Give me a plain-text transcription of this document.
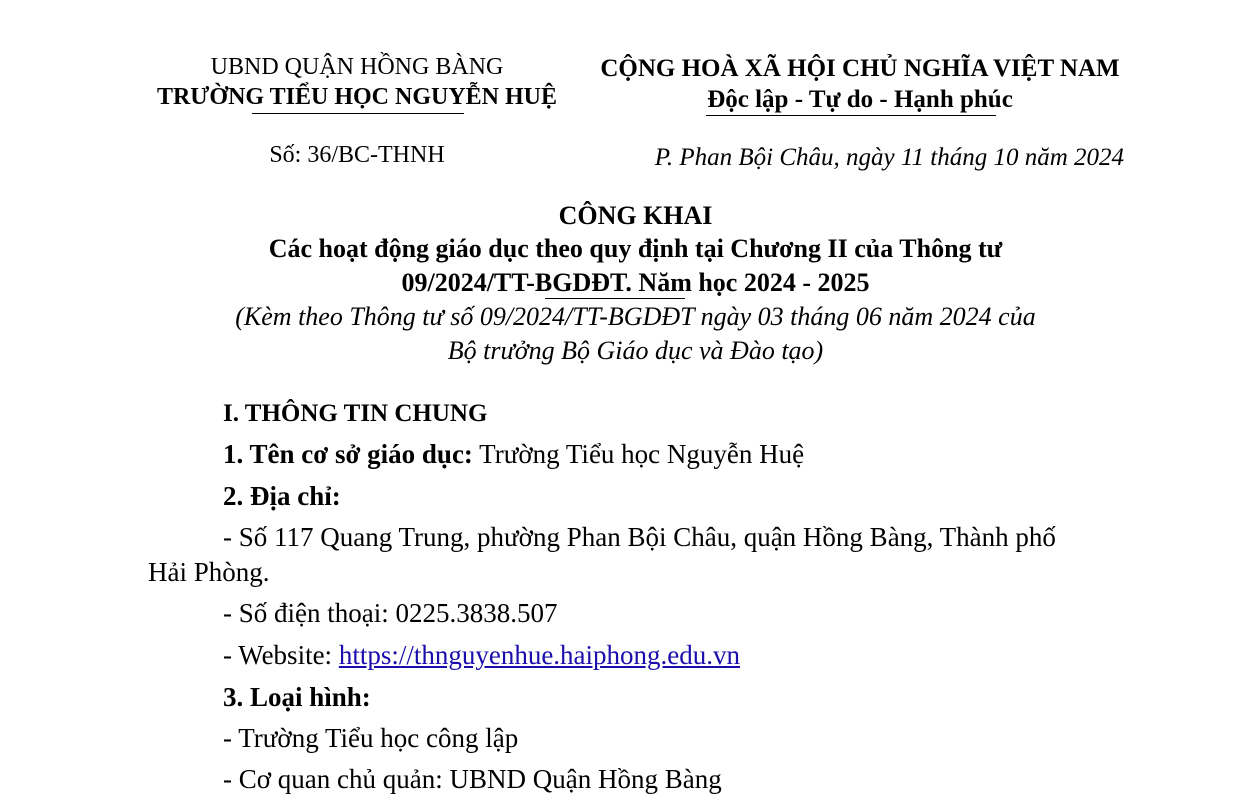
UBND QUẬN HỒNG BÀNG
TRƯỜNG TIỂU HỌC NGUYỄN HUỆ
Số: 36/BC-THNH
CỘNG HOÀ XÃ HỘI CHỦ NGHĨA VIỆT NAM
Độc lập - Tự do - Hạnh phúc
P. Phan Bội Châu, ngày 11 tháng 10 năm 2024
CÔNG KHAI
Các hoạt động giáo dục theo quy định tại Chương II của Thông tư
09/2024/TT-BGDĐT. Năm học 2024 - 2025
(Kèm theo Thông tư số 09/2024/TT-BGDĐT ngày 03 tháng 06 năm 2024 của
Bộ trưởng Bộ Giáo dục và Đào tạo)
I. THÔNG TIN CHUNG
1. Tên cơ sở giáo dục: Trường Tiểu học Nguyễn Huệ
2. Địa chỉ:
- Số 117 Quang Trung, phường Phan Bội Châu, quận Hồng Bàng, Thành phố
Hải Phòng.
- Số điện thoại: 0225.3838.507
- Website: https://thnguyenhue.haiphong.edu.vn
3. Loại hình:
- Trường Tiểu học công lập
- Cơ quan chủ quản: UBND Quận Hồng Bàng
